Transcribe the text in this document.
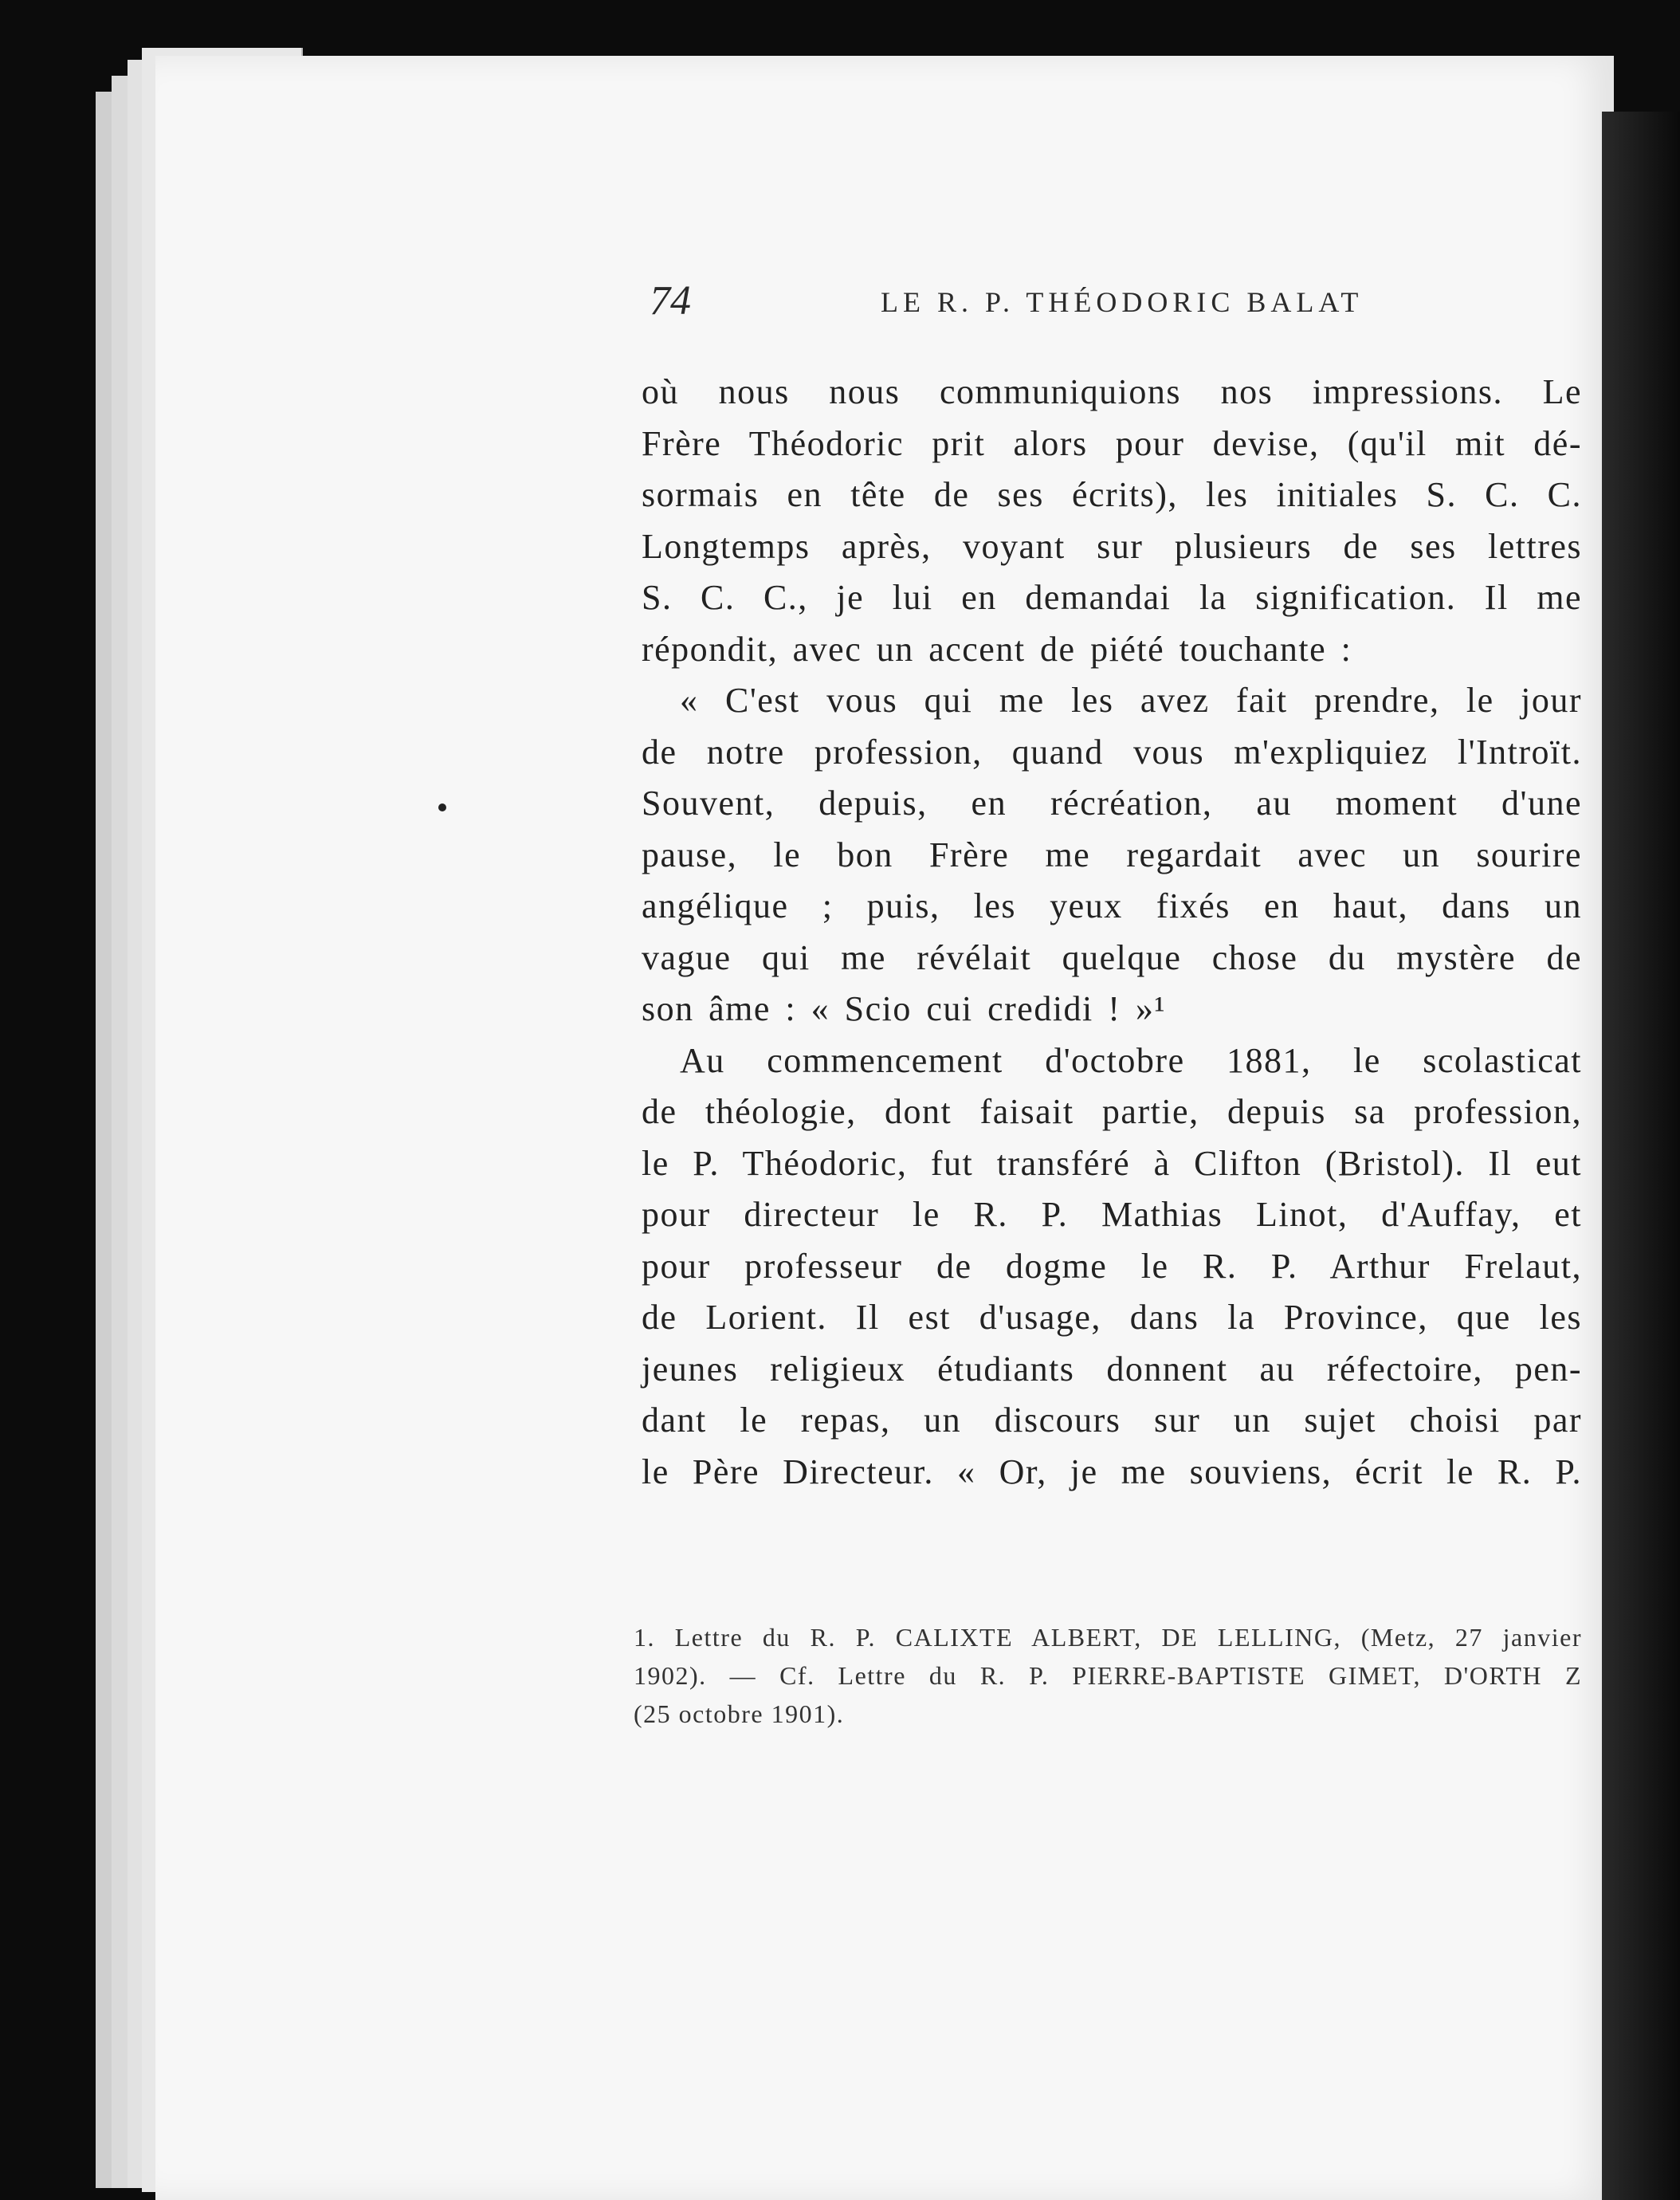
74	LE R. P. THÉODORIC BALAT
où nous nous communiquions nos impressions. Le
Frère Théodoric prit alors pour devise, (qu'il mit dé-
sormais en tête de ses écrits), les initiales S. C. C.
Longtemps après, voyant sur plusieurs de ses lettres
S. C. C., je lui en demandai la signification. Il me
répondit, avec un accent de piété touchante :
« C'est vous qui me les avez fait prendre, le jour
de notre profession, quand vous m'expliquiez l'Introït.
Souvent, depuis, en récréation, au moment d'une
pause, le bon Frère me regardait avec un sourire
angélique ; puis, les yeux fixés en haut, dans un
vague qui me révélait quelque chose du mystère de
son âme : « Scio cui credidi ! »¹
Au commencement d'octobre 1881, le scolasticat
de théologie, dont faisait partie, depuis sa profession,
le P. Théodoric, fut transféré à Clifton (Bristol). Il eut
pour directeur le R. P. Mathias Linot, d'Auffay, et
pour professeur de dogme le R. P. Arthur Frelaut,
de Lorient. Il est d'usage, dans la Province, que les
jeunes religieux étudiants donnent au réfectoire, pen-
dant le repas, un discours sur un sujet choisi par
le Père Directeur. « Or, je me souviens, écrit le R. P.
1. Lettre du R. P. CALIXTE ALBERT, DE LELLING, (Metz, 27 janvier
1902). — Cf. Lettre du R. P. PIERRE-BAPTISTE GIMET, D'ORTH Z
(25 octobre 1901).
